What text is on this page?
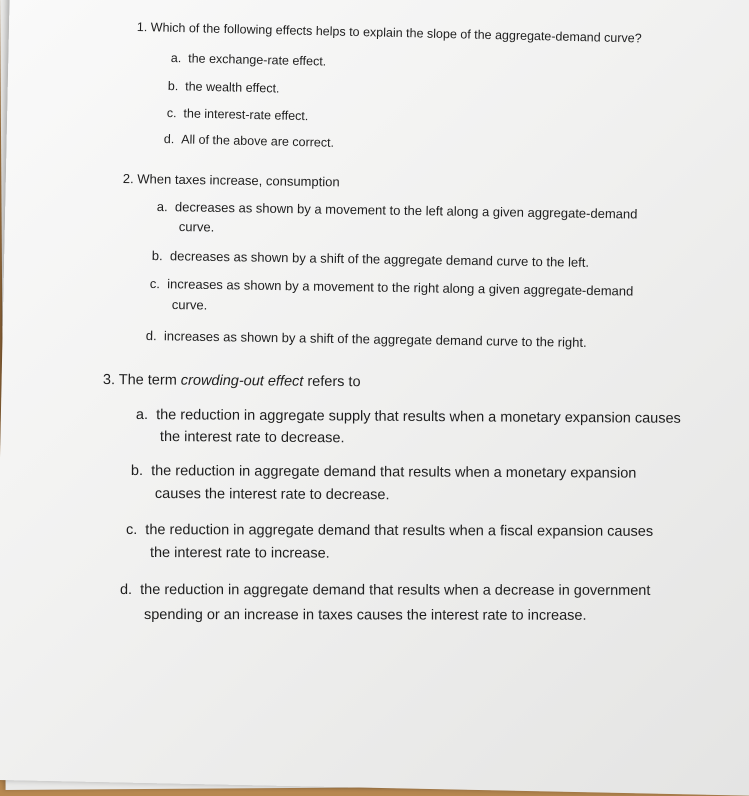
1. Which of the following effects helps to explain the slope of the aggregate-demand curve?
a. the exchange-rate effect.
b. the wealth effect.
c. the interest-rate effect.
d. All of the above are correct.
2. When taxes increase, consumption
a. decreases as shown by a movement to the left along a given aggregate-demand
curve.
b. decreases as shown by a shift of the aggregate demand curve to the left.
c. increases as shown by a movement to the right along a given aggregate-demand
curve.
d. increases as shown by a shift of the aggregate demand curve to the right.
3. The term crowding-out effect refers to
a. the reduction in aggregate supply that results when a monetary expansion causes
the interest rate to decrease.
b. the reduction in aggregate demand that results when a monetary expansion
causes the interest rate to decrease.
c. the reduction in aggregate demand that results when a fiscal expansion causes
the interest rate to increase.
d. the reduction in aggregate demand that results when a decrease in government
spending or an increase in taxes causes the interest rate to increase.
